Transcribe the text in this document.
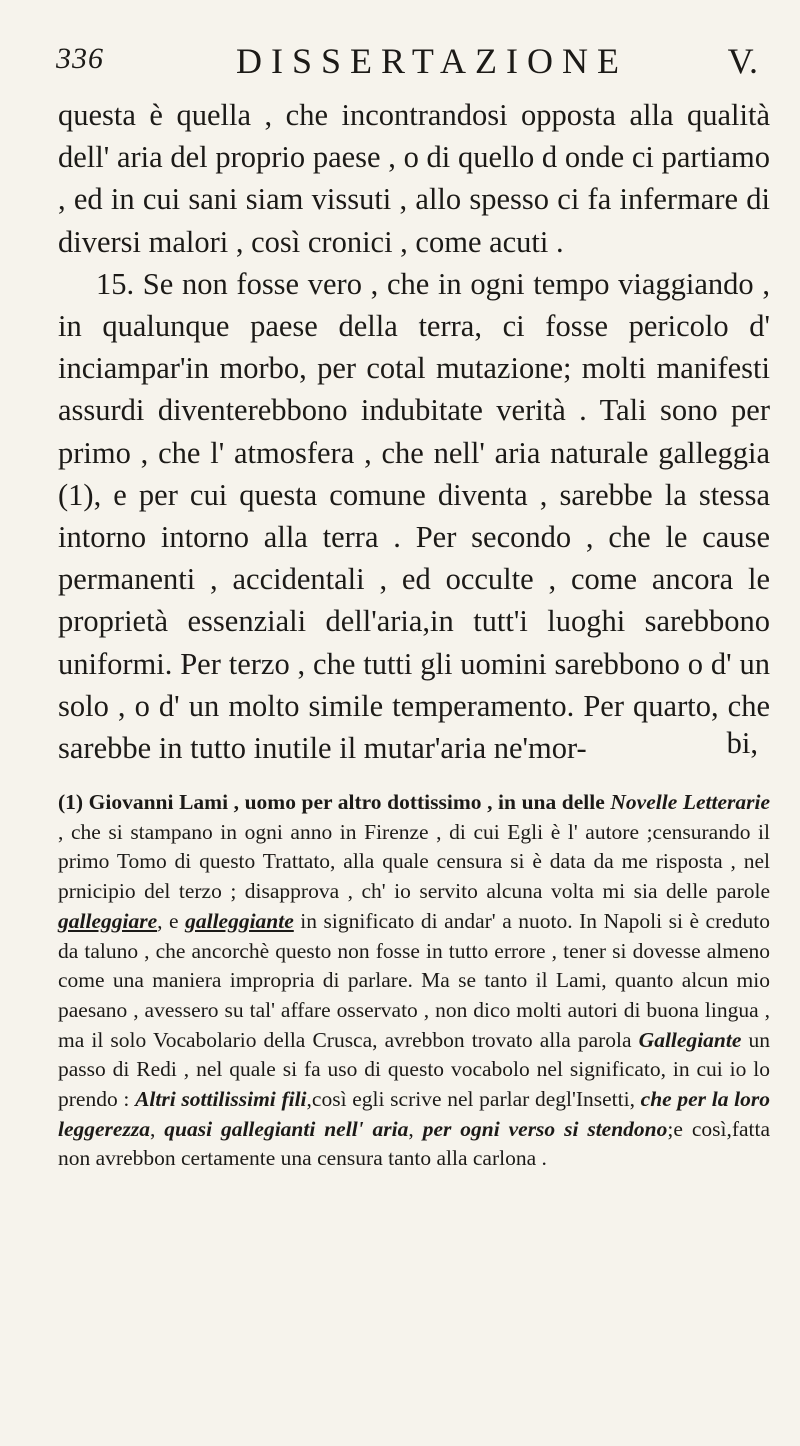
336	DISSERTAZIONE	V.

questa è quella , che incontrandosi opposta alla qualità dell' aria del proprio paese , o di quello d onde ci partiamo , ed in cui sani siam vissuti , allo spesso ci fa infermare di diversi malori , così cronici , come acuti .

15. Se non fosse vero , che in ogni tempo viaggiando , in qualunque paese della terra, ci fosse pericolo d' inciampar'in morbo, per cotal mutazione; molti manifesti assurdi diventerebbono indubitate verità . Tali sono per primo , che l' atmosfera , che nell' aria naturale galleggia (1), e per cui questa comune diventa , sarebbe la stessa intorno intorno alla terra . Per secondo , che le cause permanenti , accidentali , ed occulte , come ancora le proprietà essenziali dell'aria,in tutt'i luoghi sarebbono uniformi. Per terzo , che tutti gli uomini sarebbono o d' un solo , o d' un molto simile temperamento. Per quarto, che sarebbe in tutto inutile il mutar'aria ne'mor-	bi,

(1) Giovanni Lami , uomo per altro dottissimo , in una delle Novelle Letterarie , che si stampano in ogni anno in Firenze , di cui Egli è l' autore ;censurando il primo Tomo di questo Trattato, alla quale censura si è data da me risposta , nel prnicipio del terzo ; disapprova , ch' io servito alcuna volta mi sia delle parole galleggiare, e galleggiante in significato di andar' a nuoto. In Napoli si è creduto da taluno , che ancorchè questo non fosse in tutto errore , tener si dovesse almeno come una maniera impropria di parlare. Ma se tanto il Lami, quanto alcun mio paesano , avessero su tal' affare osservato , non dico molti autori di buona lingua , ma il solo Vocabolario della Crusca, avrebbon trovato alla parola Gallegiante un passo di Redi , nel quale si fa uso di questo vocabolo nel significato, in cui io lo prendo : Altri sottilissimi fili,così egli scrive nel parlar degl'Insetti, che per la loro leggerezza, quasi gallegianti nell' aria, per ogni verso si stendono;e così,fatta non avrebbon certamente una censura tanto alla carlona .
